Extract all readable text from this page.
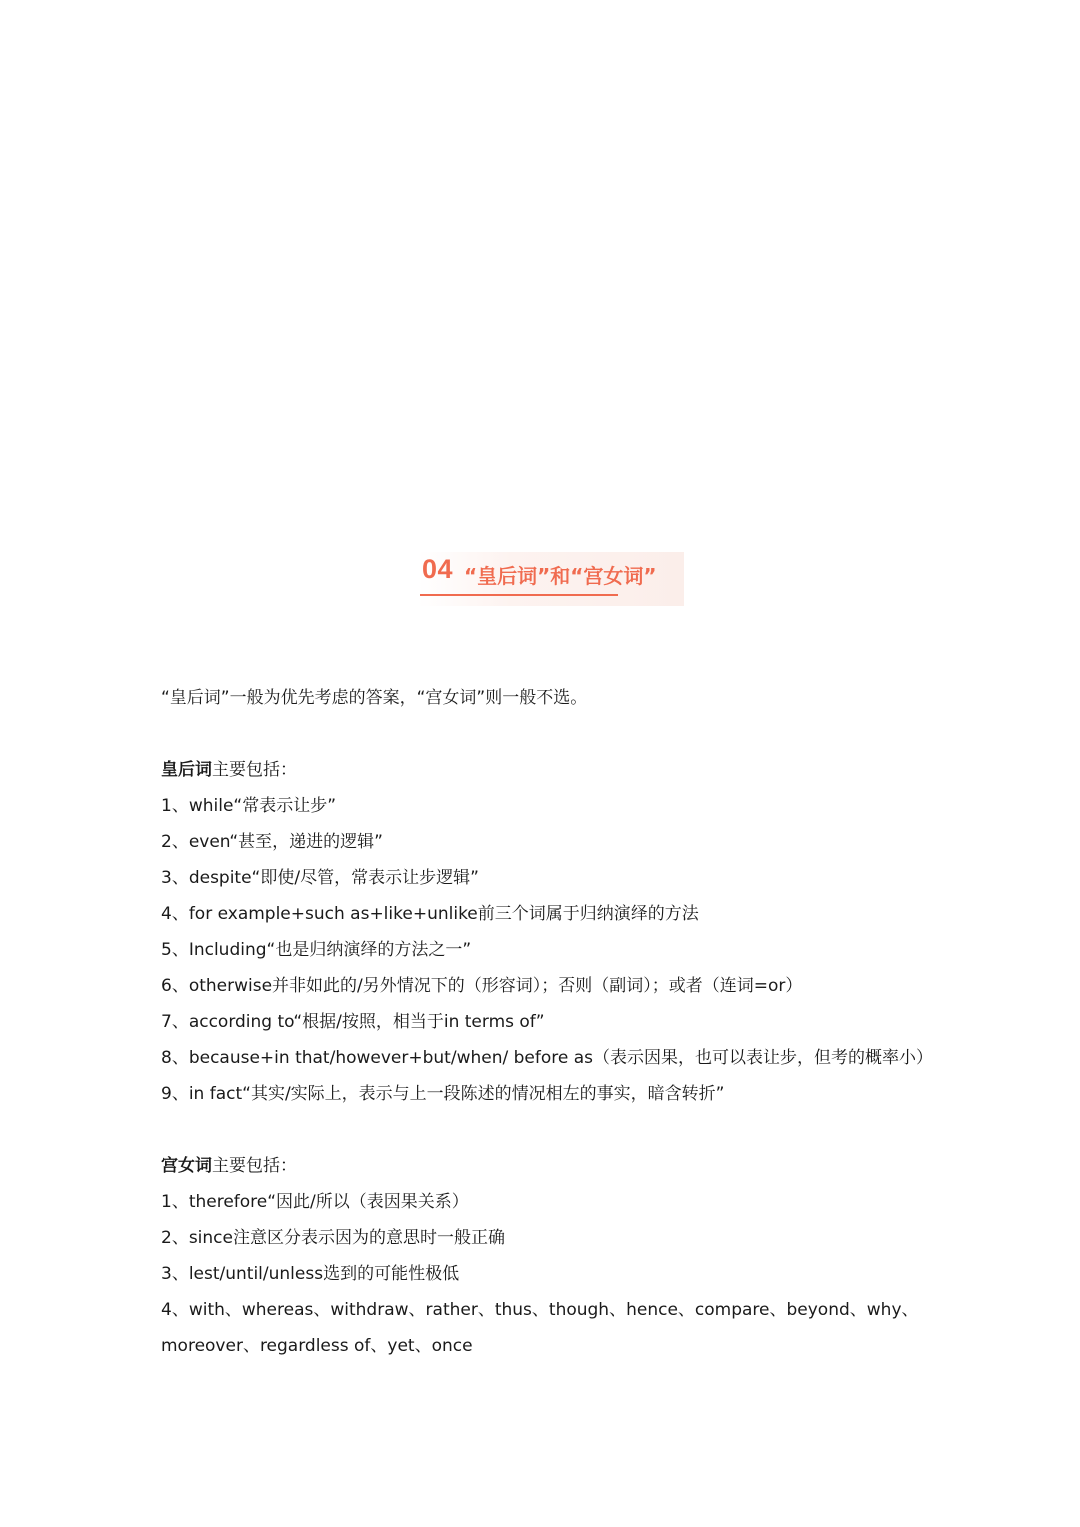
04 “皇后词”和“宫女词”

“皇后词”一般为优先考虑的答案，“宫女词”则一般不选。

皇后词主要包括：

1、while“常表示让步”

2、even“甚至，递进的逻辑”

3、despite“即使/尽管，常表示让步逻辑”

4、for example+such as+like+unlike前三个词属于归纳演绎的方法

5、Including“也是归纳演绎的方法之一”

6、otherwise并非如此的/另外情况下的（形容词）；否则（副词）；或者（连词=or）

7、according to“根据/按照，相当于in terms of”

8、because+in that/however+but/when/ before as（表示因果，也可以表让步，但考的概率小）

9、in fact“其实/实际上，表示与上一段陈述的情况相左的事实，暗含转折”

宫女词主要包括：

1、therefore“因此/所以（表因果关系）

2、since注意区分表示因为的意思时一般正确

3、lest/until/unless选到的可能性极低

4、with、whereas、withdraw、rather、thus、though、hence、compare、beyond、why、moreover、regardless of、yet、once
